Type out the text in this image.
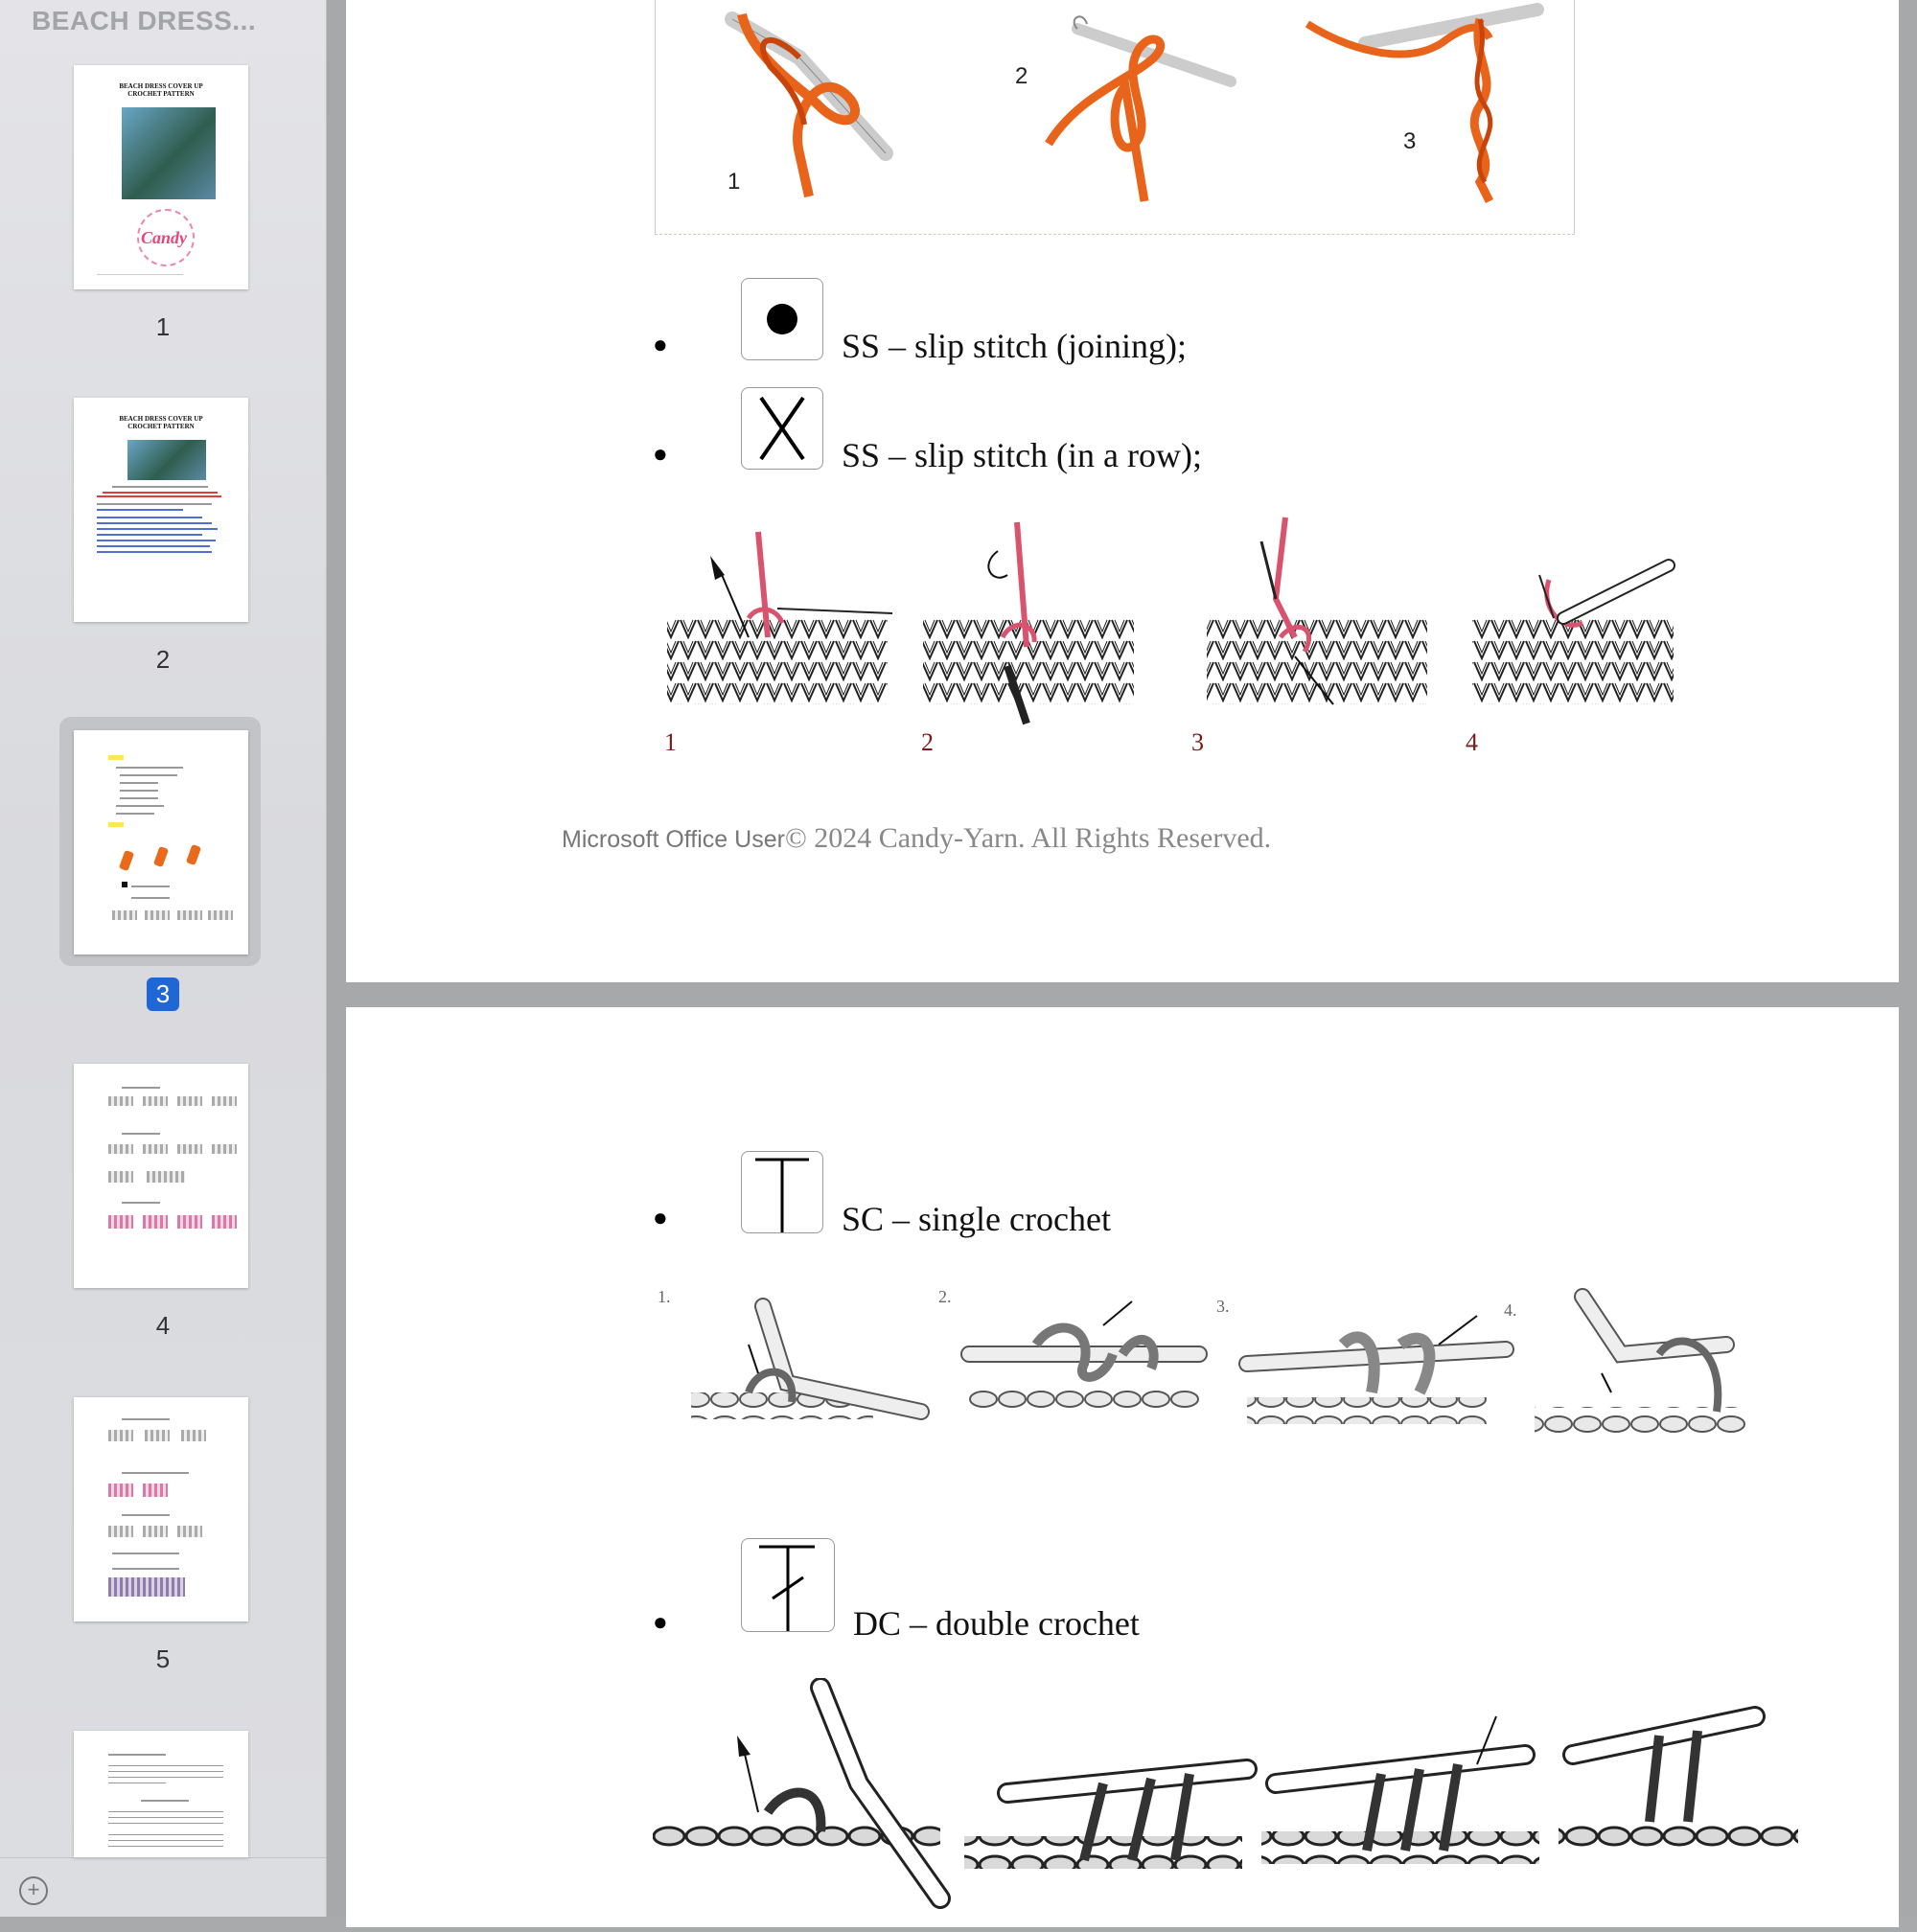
BEACH DRESS...
BEACH DRESS COVER UP
CROCHET PATTERN
Candy
1
BEACH DRESS COVER UP
CROCHET PATTERN
2
3
4
5
+
1
2
3
●	SS – slip stitch (joining);
●	SS – slip stitch (in a row);
1	2	3	4
Microsoft Office User© 2024 Candy-Yarn. All Rights Reserved.
●	SC – single crochet
1.	2.	3.	4.
●	DC – double crochet
